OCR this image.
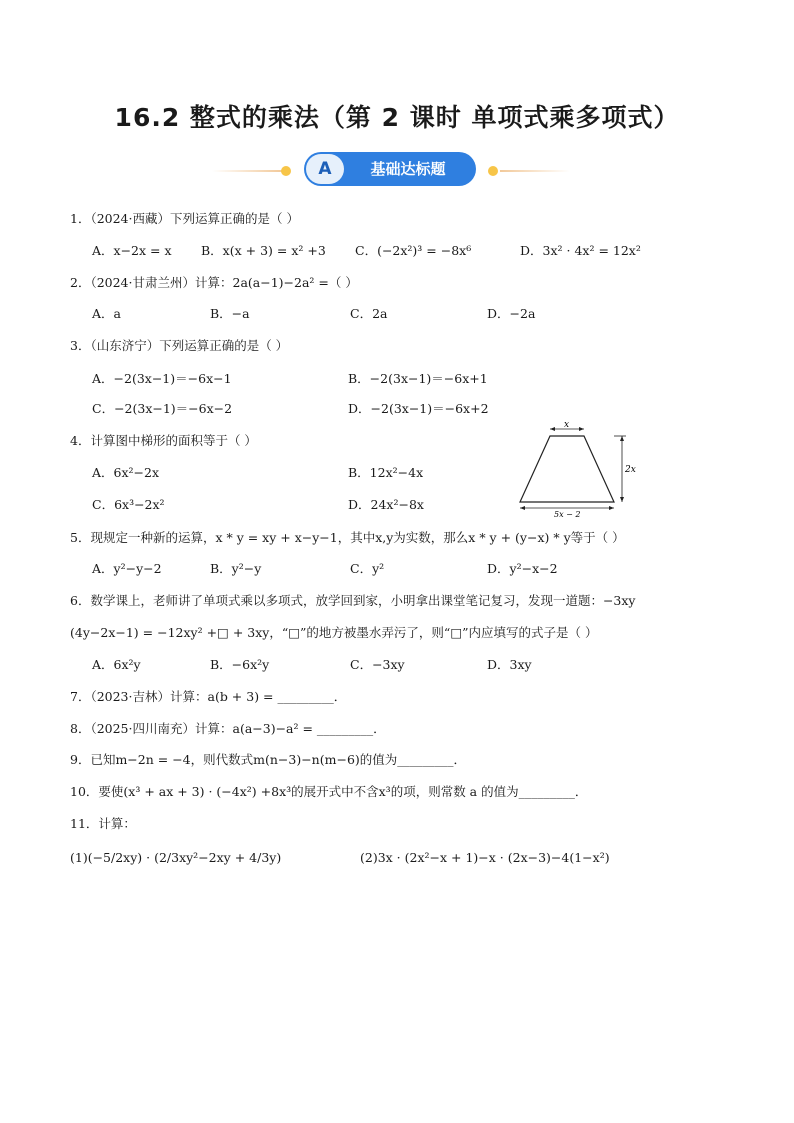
16.2 整式的乘法（第 2 课时 单项式乘多项式）
A	基础达标题
1．（2024·西藏）下列运算正确的是（ ）
A．x−2x = x B．x(x + 3) = x² +3 C．(−2x²)³ = −8x⁶	D．3x² · 4x² = 12x²
2．（2024·甘肃兰州）计算：2a(a−1)−2a² =（ ）
A．a	B．−a	C．2a	D．−2a
3．（山东济宁）下列运算正确的是（ ）
A．−2(3x−1)＝−6x−1	B．−2(3x−1)＝−6x+1
C．−2(3x−1)＝−6x−2	D．−2(3x−1)＝−6x+2
4．计算图中梯形的面积等于（ ）
A．6x²−2x	B．12x²−4x
C．6x³−2x²	D．24x²−8x
x
2x
5x − 2
5．现规定一种新的运算，x * y = xy + x−y−1，其中x,y为实数，那么x * y + (y−x) * y等于（ ）
A．y²−y−2	B．y²−y	C．y²	D．y²−x−2
6．数学课上，老师讲了单项式乘以多项式，放学回到家，小明拿出课堂笔记复习，发现一道题：−3xy
(4y−2x−1) = −12xy² +□ + 3xy，“□”的地方被墨水弄污了，则“□”内应填写的式子是（ ）
A．6x²y	B．−6x²y	C．−3xy	D．3xy
7．（2023·吉林）计算：a(b + 3) = _________．
8．（2025·四川南充）计算：a(a−3)−a² = _________．
9．已知m−2n = −4，则代数式m(n−3)−n(m−6)的值为_________．
10．要使(x³ + ax + 3) · (−4x²) +8x³的展开式中不含x³的项，则常数 a 的值为_________．
11．计算：
(1)(−5/2xy) · (2/3xy²−2xy + 4/3y)	(2)3x · (2x²−x + 1)−x · (2x−3)−4(1−x²)
